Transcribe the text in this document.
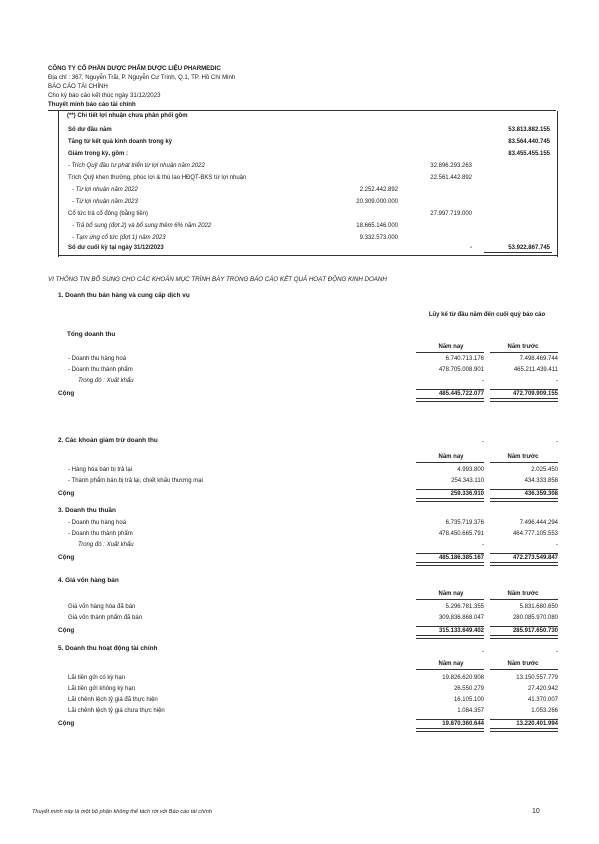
CÔNG TY CỔ PHẦN DƯỢC PHẨM DƯỢC LIỆU PHARMEDIC
Địa chỉ : 367, Nguyễn Trãi, P. Nguyễn Cư Trinh, Q.1, TP. Hồ Chí Minh
BÁO CÁO TÀI CHÍNH
Cho kỳ báo cáo kết thúc ngày 31/12/2023
Thuyết minh báo cáo tài chính
(**) Chi tiết lợi nhuận chưa phân phối gồm
Số dư đầu năm	53.813.882.155
Tăng từ kết quả kinh doanh trong kỳ	83.564.440.745
Giảm trong kỳ, gồm :	83.455.455.155
- Trích Quỹ đầu tư phát triển từ lợi nhuận năm 2022	32.896.293.263
Trích Quỹ khen thưởng, phúc lợi & thù lao HĐQT-BKS từ lợi nhuận	22.561.442.892
- Từ lợi nhuận năm 2022	2.252.442.892
- Từ lợi nhuận năm 2023	20.309.000.000
Cổ tức trả cổ đông (bằng tiền)	27.997.719.000
- Trả bổ sung (đợt 2) và bổ sung thêm 6% năm 2022	18.665.146.000
- Tạm ứng cổ tức (đợt 1) năm 2023	9.332.573.000
Số dư cuối kỳ tại ngày 31/12/2023	-	53.922.867.745
VI THÔNG TIN BỔ SUNG CHO CÁC KHOẢN MỤC TRÌNH BÀY TRONG BÁO CÁO KẾT QUẢ HOẠT ĐỘNG KINH DOANH
1. Doanh thu bán hàng và cung cấp dịch vụ
Lũy kế từ đầu năm đến cuối quý báo cáo
Tổng doanh thu
Năm nay	Năm trước
- Doanh thu hàng hoá	6.740.713.176	7.498.469.744
- Doanh thu thành phẩm	478.705.008.901	465.211.439.411
Trong đó : Xuất khẩu	-	-
Cộng	485.445.722.077	472.709.909.155
2. Các khoản giảm trừ doanh thu	-	-
Năm nay	Năm trước
- Hàng hóa bán bị trả lại	4.993.800	2.025.450
- Thành phẩm bán bị trả lại, chiết khấu thương mại	254.343.110	434.333.858
Cộng	259.336.910	436.359.308
3. Doanh thu thuần
- Doanh thu hàng hoá	6.735.719.376	7.496.444.294
- Doanh thu thành phẩm	478.450.665.791	464.777.105.553
Trong đó : Xuất khẩu	-	-
Cộng	485.186.385.167	472.273.549.847
4. Giá vốn hàng bán
Năm nay	Năm trước
Giá vốn hàng hóa đã bán	5.296.781.355	5.831.680.650
Giá vốn thành phẩm đã bán	309.836.868.047	280.085.970.080
Cộng	315.133.649.402	285.917.650.730
5. Doanh thu hoạt động tài chính	-	-
Năm nay	Năm trước
Lãi tiền gửi có kỳ hạn	19.826.620.908	13.150.557.779
Lãi tiền gửi không kỳ hạn	26.550.279	27.420.942
Lãi chênh lệch tỷ giá đã thực hiện	16.105.100	41.370.007
Lãi chênh lệch tỷ giá chưa thực hiện	1.084.357	1.053.266
Cộng	19.870.360.644	13.220.401.994
Thuyết minh này là một bộ phận không thể tách rời với Báo cáo tài chính	10
